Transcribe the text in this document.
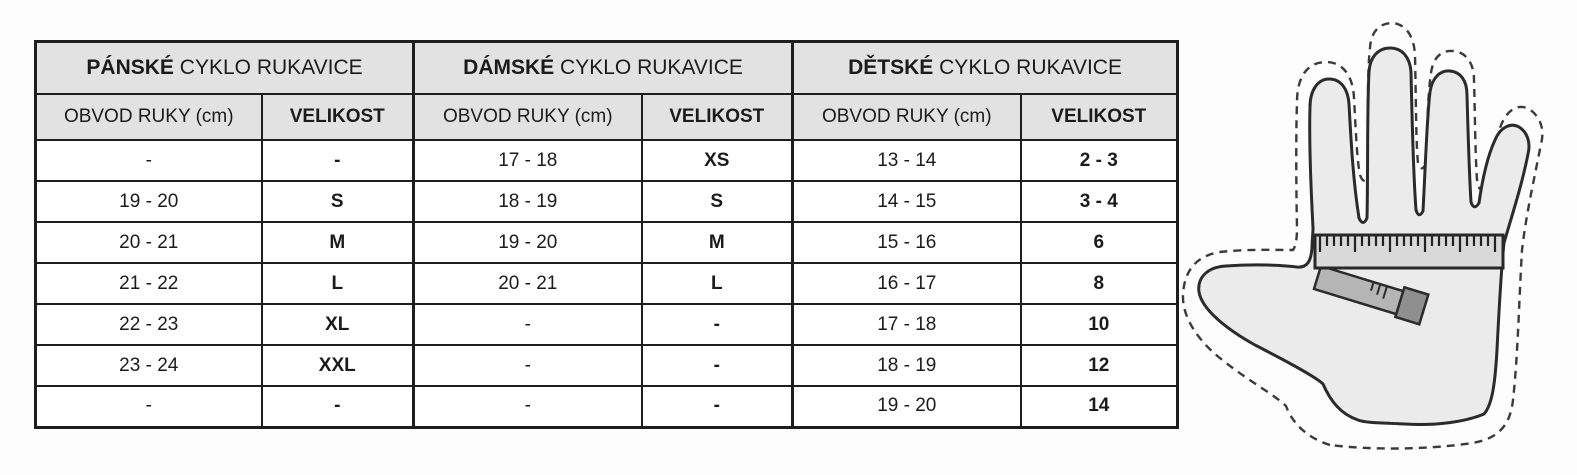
PÁNSKÉ CYKLO RUKAVICE		DÁMSKÉ CYKLO RUKAVICE		DĚTSKÉ CYKLO RUKAVICE	
OBVOD RUKY (cm)	VELIKOST	OBVOD RUKY (cm)	VELIKOST	OBVOD RUKY (cm)	VELIKOST
-	-	17 - 18	XS	13 - 14	2 - 3
19 - 20	S	18 - 19	S	14 - 15	3 - 4
20 - 21	M	19 - 20	M	15 - 16	6
21 - 22	L	20 - 21	L	16 - 17	8
22 - 23	XL	-	-	17 - 18	10
23 - 24	XXL	-	-	18 - 19	12
-	-	-	-	19 - 20	14
